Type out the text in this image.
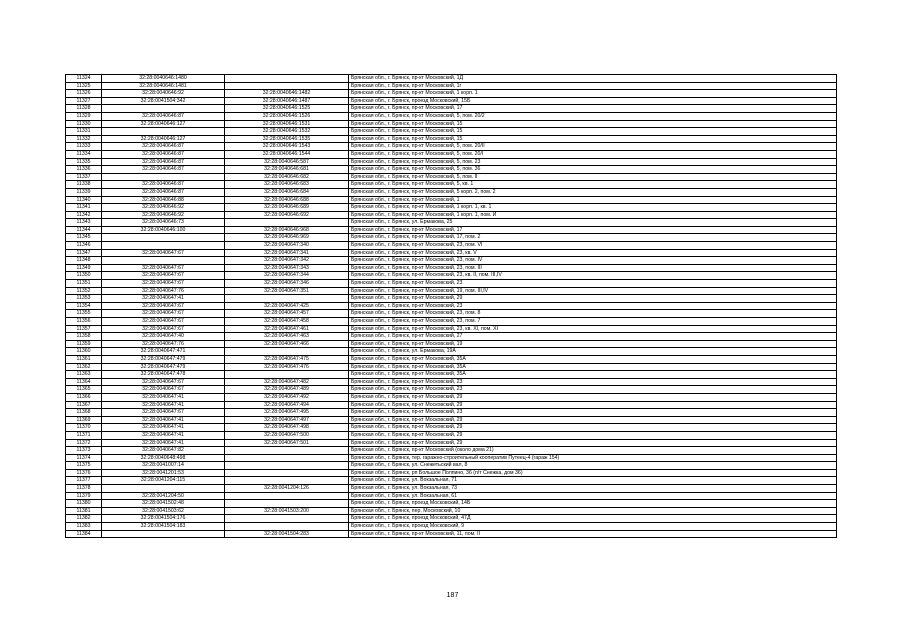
11324	32:28:0040646:1480		Брянская обл., г. Брянск, пр-кт Московский, 1Д
11325	32:28:0040646:1481		Брянская обл., г. Брянск, пр-кт Московский, 1г
11326	32:28:0040646:92	32:28:0040646:1482	Брянская обл., г. Брянск, пр-кт Московский, 1 корп. 1
11327	32:28:0041504:342	32:28:0040646:1487	Брянская обл., г. Брянск, проезд Московский, 15Б
11328		32:28:0040646:1525	Брянская обл., г. Брянск, пр-кт Московский, 17
11329	32:28:0040646:87	32:28:0040646:1526	Брянская обл., г. Брянск, пр-кт Московский, 5, пом. 20/2
11330	32:28:0040646:127	32:28:0040646:1531	Брянская обл., г. Брянск, пр-кт Московский, 15
11331		32:28:0040646:1532	Брянская обл., г. Брянск, пр-кт Московский, 15
11332	32:28:0040646:127	32:28:0040646:1535	Брянская обл., г. Брянск, пр-кт Московский, 15
11333	32:28:0040646:87	32:28:0040646:1543	Брянская обл., г. Брянск, пр-кт Московский, 5, пом. 20/II
11334	32:28:0040646:87	32:28:0040646:1544	Брянская обл., г. Брянск, пр-кт Московский, 5, пом. 20/I
11335	32:28:0040646:87	32:28:0040646:587	Брянская обл., г. Брянск, пр-кт Московский, 5, пом. 23
11336	32:28:0040646:87	32:28:0040646:681	Брянская обл., г. Брянск, пр-кт Московский, 5, пом. 36
11337		32:28:0040646:682	Брянская обл., г. Брянск, пр-кт Московский, 5, пом. II
11338	32:28:0040646:87	32:28:0040646:683	Брянская обл., г. Брянск, пр-кт Московский, 5, кв. 1
11339	32:28:0040646:87	32:28:0040646:684	Брянская обл., г. Брянск, пр-кт Московский, 5 корп. 2, пом. 2
11340	32:28:0040646:88	32:28:0040646:688	Брянская обл., г. Брянск, пр-кт Московский, 1
11341	32:28:0040646:92	32:28:0040646:689	Брянская обл., г. Брянск, пр-кт Московский, 1 корп. 1, кв. 1
11342	32:28:0040646:92	32:28:0040646:692	Брянская обл., г. Брянск, пр-кт Московский, 1 корп. 1, пом. И
11343	32:28:0040646:73		Брянская обл., г. Брянск, ул. Ермакова, 25
11344	32:28:0040646:100	32:28:0040646:968	Брянская обл., г. Брянск, пр-кт Московский, 17
11345		32:28:0040646:969	Брянская обл., г. Брянск, пр-кт Московский, 17, пом. 2
11346		32:28:0040647:340	Брянская обл., г. Брянск, пр-кт Московский, 23, пом. VI
11347	32:28:0040647:67	32:28:0040647:341	Брянская обл., г. Брянск, пр-кт Московский, 23, кв. V
11348		32:28:0040647:342	Брянская обл., г. Брянск, пр-кт Московский, 23, пом. IV
11349	32:28:0040647:67	32:28:0040647:343	Брянская обл., г. Брянск, пр-кт Московский, 23, пом. III
11350	32:28:0040647:67	32:28:0040647:344	Брянская обл., г. Брянск, пр-кт Московский, 23, кв. II, пом. III,IV
11351	32:28:0040647:67	32:28:0040647:346	Брянская обл., г. Брянск, пр-кт Московский, 23
11352	32:28:0040647:76	32:28:0040647:351	Брянская обл., г. Брянск, пр-кт Московский, 19, пом. III,IV
11353	32:28:0040647:41		Брянская обл., г. Брянск, пр-кт Московский, 29
11354	32:28:0040647:67	32:28:0040647:425	Брянская обл., г. Брянск, пр-кт Московский, 23
11355	32:28:0040647:67	32:28:0040647:457	Брянская обл., г. Брянск, пр-кт Московский, 23, пом. 8
11356	32:28:0040647:67	32:28:0040647:458	Брянская обл., г. Брянск, пр-кт Московский, 23, пом. 7
11357	32:28:0040647:67	32:28:0040647:461	Брянская обл., г. Брянск, пр-кт Московский, 23, кв. XI, пом. XI
11358	32:28:0040647:40	32:28:0040647:463	Брянская обл., г. Брянск, пр-кт Московский, 27
11359	32:28:0040647:76	32:28:0040647:466	Брянская обл., г. Брянск, пр-кт Московский, 19
11360	32:28:0040647:471		Брянская обл., г. Брянск, ул. Ермакова, 19А
11361	32:28:0040647:479	32:28:0040647:475	Брянская обл., г. Брянск, пр-кт Московский, 35А
11362	32:28:0040647:479	32:28:0040647:476	Брянская обл., г. Брянск, пр-кт Московский, 35А
11363	32:28:0040647:478		Брянская обл., г. Брянск, пр-кт Московский, 35А
11364	32:28:0040647:67	32:28:0040647:482	Брянская обл., г. Брянск, пр-кт Московский, 23
11365	32:28:0040647:67	32:28:0040647:489	Брянская обл., г. Брянск, пр-кт Московский, 23
11366	32:28:0040647:41	32:28:0040647:492	Брянская обл., г. Брянск, пр-кт Московский, 29
11367	32:28:0040647:41	32:28:0040647:494	Брянская обл., г. Брянск, пр-кт Московский, 29
11368	32:28:0040647:67	32:28:0040647:495	Брянская обл., г. Брянск, пр-кт Московский, 23
11369	32:28:0040647:41	32:28:0040647:497	Брянская обл., г. Брянск, пр-кт Московский, 29
11370	32:28:0040647:41	32:28:0040647:498	Брянская обл., г. Брянск, пр-кт Московский, 29
11371	32:28:0040647:41	32:28:0040647:500	Брянская обл., г. Брянск, пр-кт Московский, 29
11372	32:28:0040647:41	32:28:0040647:501	Брянская обл., г. Брянск, пр-кт Московский, 29
11373	32:28:0040647:82		Брянская обл., г. Брянск, пр-кт Московский (около дома 21)
11374	32:28:0040648:498		Брянская обл., г. Брянск, тер. гаражно-строительный кооператив Путеец-4 (гараж 154)
11375	32:28:0041007:14		Брянская обл., г. Брянск, ул. Снежетьский вал, 8
11376	32:28:0041201:53		Брянская обл., г. Брянск, рп Большое Полпино, 36 (п/т Снежка, дом 36)
11377	32:28:0041204:115		Брянская обл., г. Брянск, ул. Вокзальная, 71
11378		32:28:0041204:126	Брянская обл., г. Брянск, ул. Вокзальная, 73
11379	32:28:0041204:50		Брянская обл., г. Брянск, ул. Вокзальная, 61
11380	32:28:0041502:48		Брянская обл., г. Брянск, проезд Московский, 14Б
11381	32:28:0041503:62	32:28:0041503:200	Брянская обл., г. Брянск, пер. Московский, 10
11382	32:28:0041504:176		Брянская обл., г. Брянск, проезд Московский, 47Д
11383	32:28:0041504:183		Брянская обл., г. Брянск, проезд Московский, 9
11384		32:28:0041504:283	Брянская обл., г. Брянск, пр-кт Московский, 11, пом. II
187
